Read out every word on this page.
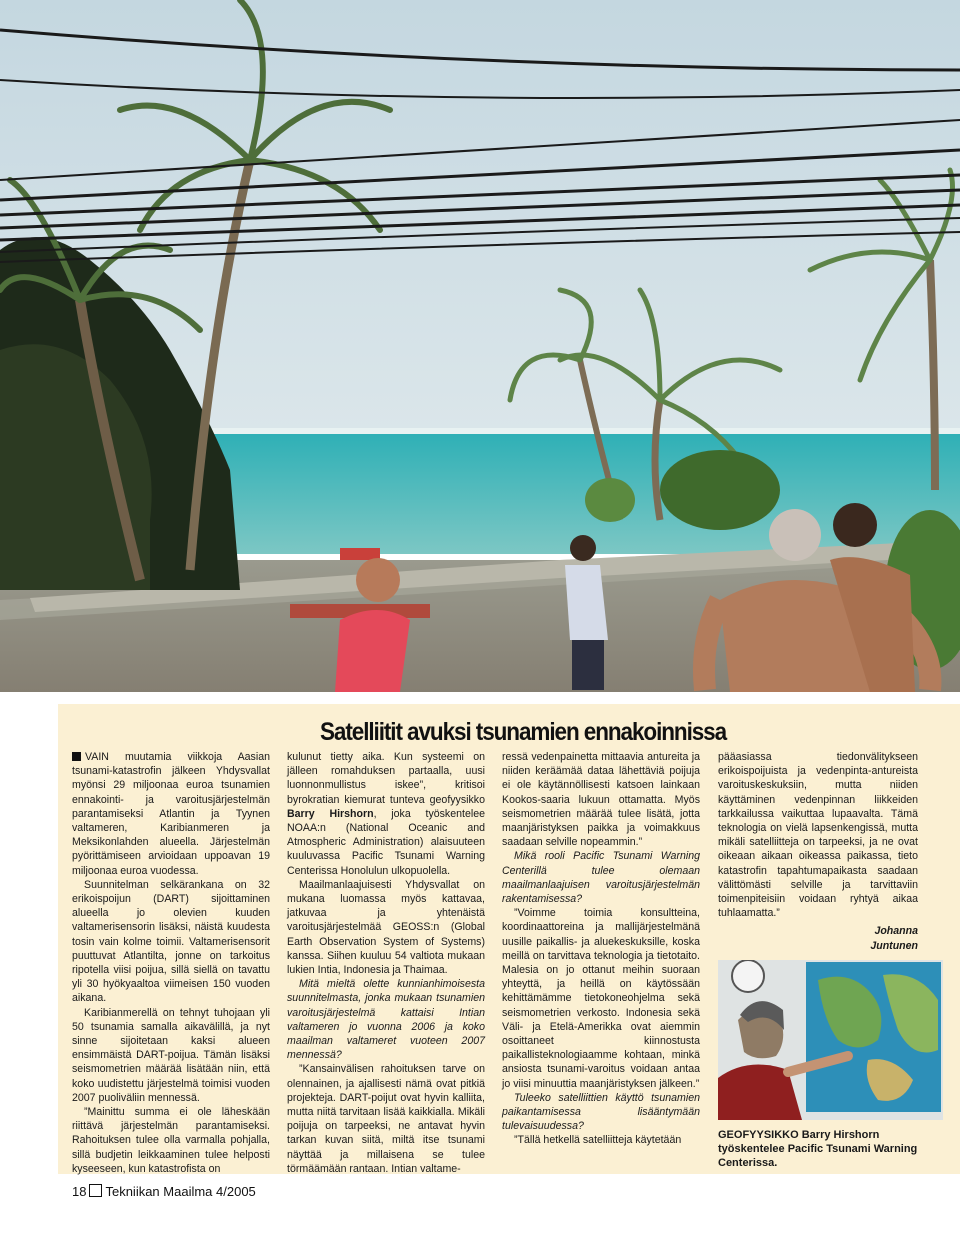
Satelliitit avuksi tsunamien ennakoinnissa

VAIN muutamia viikkoja Aasian tsunami-katastrofin jälkeen Yhdysvallat myönsi 29 miljoonaa euroa tsunamien ennakointi- ja varoitusjärjestelmän parantamiseksi Atlantin ja Tyynen valtameren, Karibianmeren ja Meksikonlahden alueella. Järjestelmän pyörittämiseen arvioidaan uppoavan 19 miljoonaa euroa vuodessa.

Suunnitelman selkärankana on 32 erikoispoijun (DART) sijoittaminen alueella jo olevien kuuden valtamerisensorin lisäksi, näistä kuudesta tosin vain kolme toimii. Valtamerisensorit puuttuvat Atlantilta, jonne on tarkoitus ripotella viisi poijua, sillä siellä on tavattu yli 30 hyökyaaltoa viimeisen 150 vuoden aikana.

Karibianmerellä on tehnyt tuhojaan yli 50 tsunamia samalla aikavälillä, ja nyt sinne sijoitetaan kaksi alueen ensimmäistä DART-poijua. Tämän lisäksi seismometrien määrää lisätään niin, että koko uudistettu järjestelmä toimisi vuoden 2007 puoliväliin mennessä.

”Mainittu summa ei ole läheskään riittävä järjestelmän parantamiseksi. Rahoituksen tulee olla varmalla pohjalla, sillä budjetin leikkaaminen tulee helposti kyseeseen, kun katastrofista on

kulunut tietty aika. Kun systeemi on jälleen romahduksen partaalla, uusi luonnonmullistus iskee”, kritisoi byrokratian kiemurat tunteva geofyysikko Barry Hirshorn, joka työskentelee NOAA:n (National Oceanic and Atmospheric Administration) alaisuuteen kuuluvassa Pacific Tsunami Warning Centerissa Honolulun ulkopuolella.

Maailmanlaajuisesti Yhdysvallat on mukana luomassa myös kattavaa, jatkuvaa ja yhtenäistä varoitusjärjestelmää GEOSS:n (Global Earth Observation System of Systems) kanssa. Siihen kuuluu 54 valtiota mukaan lukien Intia, Indonesia ja Thaimaa.

Mitä mieltä olette kunnianhimoisesta suunnitelmasta, jonka mukaan tsunamien varoitusjärjestelmä kattaisi Intian valtameren jo vuonna 2006 ja koko maailman valtameret vuoteen 2007 mennessä?

”Kansainvälisen rahoituksen tarve on olennainen, ja ajallisesti nämä ovat pitkiä projekteja. DART-poijut ovat hyvin kalliita, mutta niitä tarvitaan lisää kaikkialla. Mikäli poijuja on tarpeeksi, ne antavat hyvin tarkan kuvan siitä, miltä itse tsunami näyttää ja millaisena se tulee törmäämään rantaan. Intian valtame-

ressä vedenpainetta mittaavia antureita ja niiden keräämää dataa lähettäviä poijuja ei ole käytännöllisesti katsoen lainkaan Kookos-saaria lukuun ottamatta. Myös seismometrien määrää tulee lisätä, jotta maanjäristyksen paikka ja voimakkuus saadaan selville nopeammin.”

Mikä rooli Pacific Tsunami Warning Centerillä tulee olemaan maailmanlaajuisen varoitusjärjestelmän rakentamisessa?

”Voimme toimia konsultteina, koordinaattoreina ja mallijärjestelmänä uusille paikallis- ja aluekeskuksille, koska meillä on tarvittava teknologia ja tietotaito. Malesia on jo ottanut meihin suoraan yhteyttä, ja heillä on käytössään kehittämämme tietokoneohjelma sekä seismometrien verkosto. Indonesia sekä Väli- ja Etelä-Amerikka ovat aiemmin osoittaneet kiinnostusta paikallisteknologiaamme kohtaan, minkä ansiosta tsunami-varoitus voidaan antaa jo viisi minuuttia maanjäristyksen jälkeen.”

Tuleeko satelliittien käyttö tsunamien paikantamisessa lisääntymään tulevaisuudessa?

”Tällä hetkellä satelliitteja käytetään

pääasiassa tiedonvälitykseen erikoispoijuista ja vedenpinta-antureista varoituskeskuksiin, mutta niiden käyttäminen vedenpinnan liikkeiden tarkkailussa vaikuttaa lupaavalta. Tämä teknologia on vielä lapsenkengissä, mutta mikäli satelliitteja on tarpeeksi, ja ne ovat oikeaan aikaan oikeassa paikassa, tieto katastrofin tapahtumapaikasta saadaan välittömästi selville ja tarvittaviin toimenpiteisiin voidaan ryhtyä aikaa tuhlaamatta.”

Johanna
Juntunen
GEOFYYSIKKO Barry Hirshorn työskentelee Pacific Tsunami Warning Centerissa.
18 Tekniikan Maailma 4/2005
